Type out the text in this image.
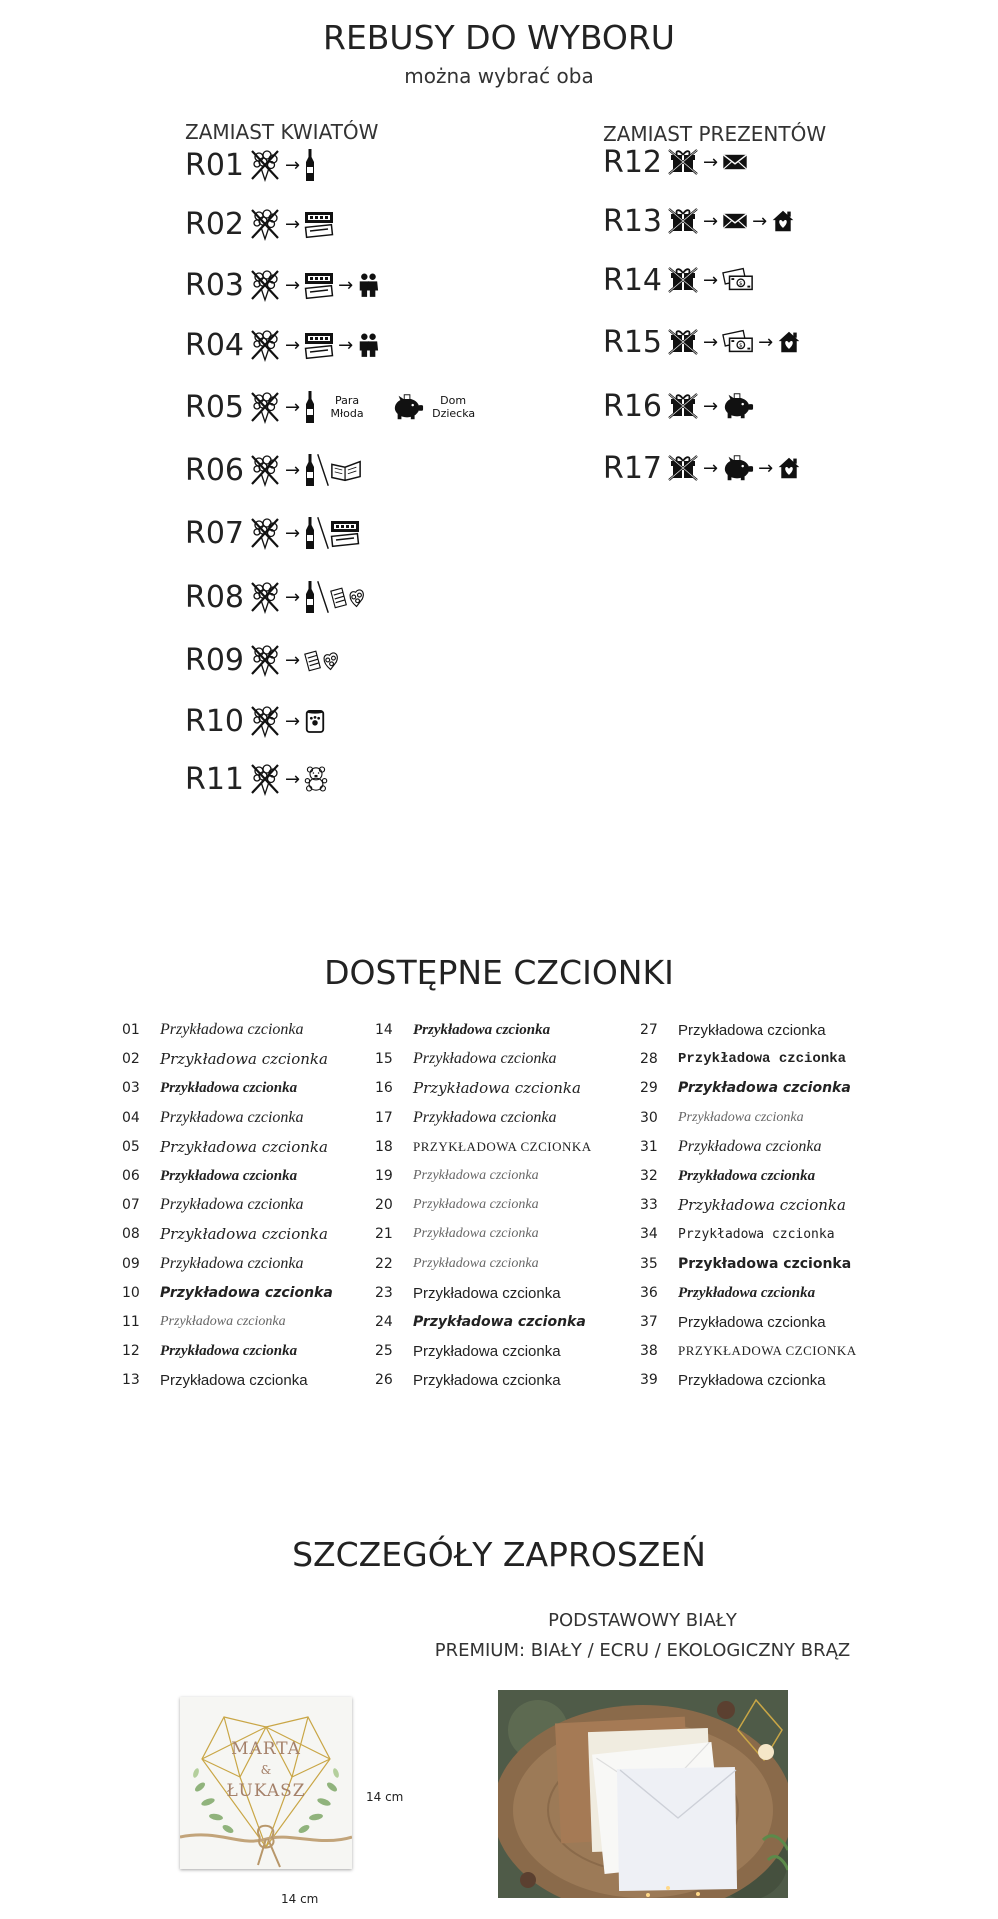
REBUSY DO WYBORU
można wybrać oba
ZAMIAST KWIATÓW	ZAMIAST PREZENTÓW
R01 →
R02 →
R03 → →
R04 → →
R05 →	Para Młoda
Dom Dziecka
R06 →
R07 →
R08 →
R09 →
R10 →
R11 →
R12 →
R13 → →
R14 →
R15 → →
R16 →
R17 → →
DOSTĘPNE CZCIONKI
01	Przykładowa czcionka
02	Przykładowa czcionka
03	Przykładowa czcionka
04	Przykładowa czcionka
05	Przykładowa czcionka
06	Przykładowa czcionka
07	Przykładowa czcionka
08	Przykładowa czcionka
09	Przykładowa czcionka
10	Przykładowa czcionka
11	Przykładowa czcionka
12	Przykładowa czcionka
13	Przykładowa czcionka
14	Przykładowa czcionka
15	Przykładowa czcionka
16	Przykładowa czcionka
17	Przykładowa czcionka
18	PRZYKŁADOWA CZCIONKA
19	Przykładowa czcionka
20	Przykładowa czcionka
21	Przykładowa czcionka
22	Przykładowa czcionka
23	Przykładowa czcionka
24	Przykładowa czcionka
25	Przykładowa czcionka
26	Przykładowa czcionka
27	Przykładowa czcionka
28	Przykładowa czcionka
29	Przykładowa czcionka
30	Przykładowa czcionka
31	Przykładowa czcionka
32	Przykładowa czcionka
33	Przykładowa czcionka
34	Przykładowa czcionka
35	Przykładowa czcionka
36	Przykładowa czcionka
37	Przykładowa czcionka
38	PRZYKŁADOWA CZCIONKA
39	Przykładowa czcionka
SZCZEGÓŁY ZAPROSZEŃ
PODSTAWOWY BIAŁY
PREMIUM: BIAŁY / ECRU / EKOLOGICZNY BRĄZ
MARTA
&
ŁUKASZ	14 cm
14 cm
